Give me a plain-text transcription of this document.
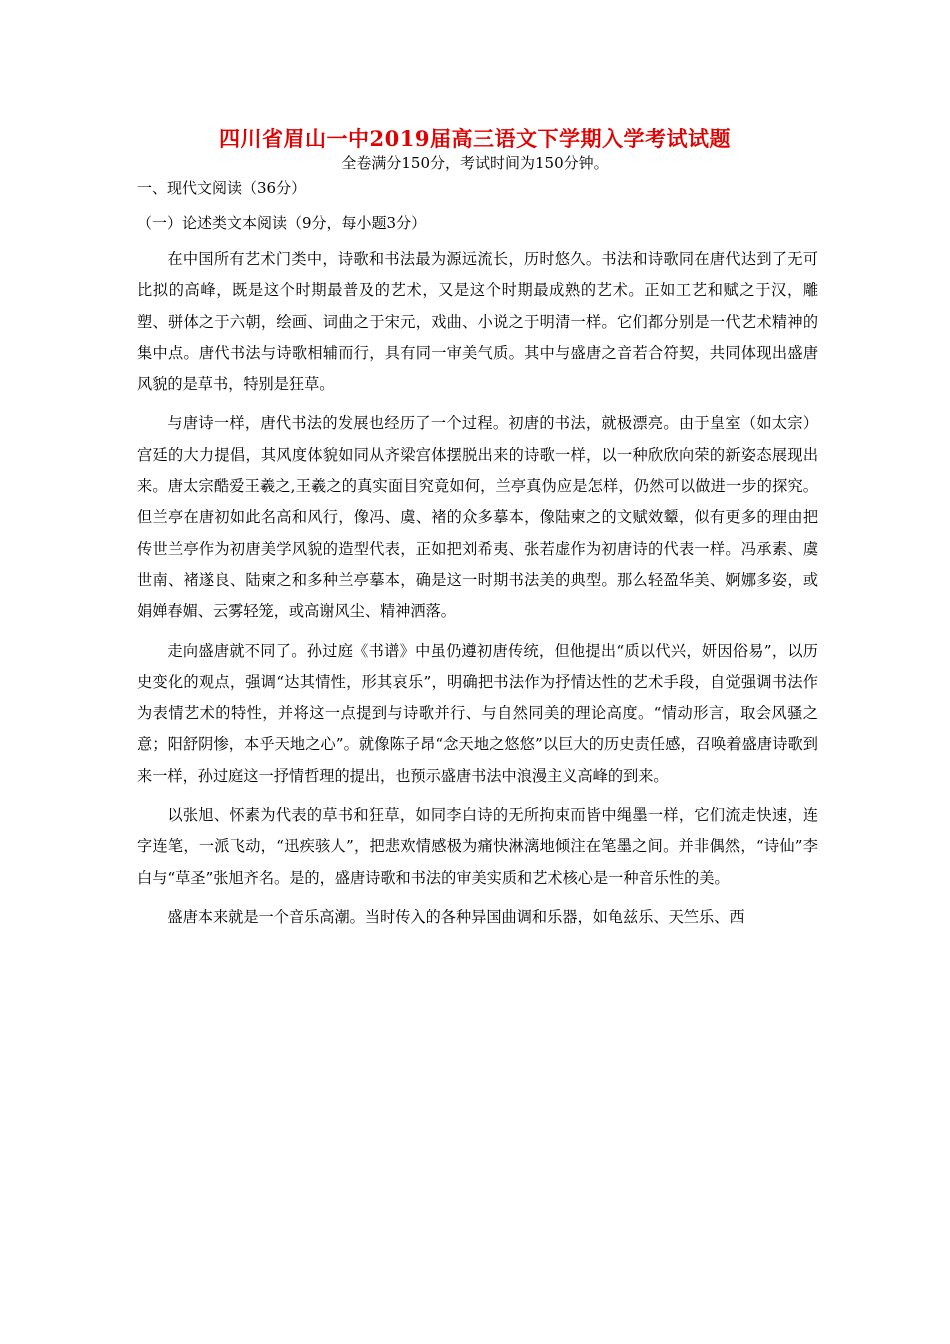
四川省眉山一中2019届高三语文下学期入学考试试题
全卷满分150分，考试时间为150分钟。
一、现代文阅读（36分）
（一）论述类文本阅读（9分，每小题3分）

在中国所有艺术门类中，诗歌和书法最为源远流长，历时悠久。书法和诗歌同在唐代达到了无可比拟的高峰，既是这个时期最普及的艺术，又是这个时期最成熟的艺术。正如工艺和赋之于汉，雕塑、骈体之于六朝，绘画、词曲之于宋元，戏曲、小说之于明清一样。它们都分别是一代艺术精神的集中点。唐代书法与诗歌相辅而行，具有同一审美气质。其中与盛唐之音若合符契，共同体现出盛唐风貌的是草书，特别是狂草。

与唐诗一样，唐代书法的发展也经历了一个过程。初唐的书法，就极漂亮。由于皇室（如太宗）宫廷的大力提倡，其风度体貌如同从齐梁宫体摆脱出来的诗歌一样，以一种欣欣向荣的新姿态展现出来。唐太宗酷爱王羲之,王羲之的真实面目究竟如何，兰亭真伪应是怎样，仍然可以做进一步的探究。但兰亭在唐初如此名高和风行，像冯、虞、褚的众多摹本，像陆柬之的文赋效颦，似有更多的理由把传世兰亭作为初唐美学风貌的造型代表，正如把刘希夷、张若虚作为初唐诗的代表一样。冯承素、虞世南、褚遂良、陆柬之和多种兰亭摹本，确是这一时期书法美的典型。那么轻盈华美、婀娜多姿，或娟婵春媚、云雾轻笼，或高谢风尘、精神洒落。

走向盛唐就不同了。孙过庭《书谱》中虽仍遵初唐传统，但他提出“质以代兴，妍因俗易”，以历史变化的观点，强调“达其情性，形其哀乐”，明确把书法作为抒情达性的艺术手段，自觉强调书法作为表情艺术的特性，并将这一点提到与诗歌并行、与自然同美的理论高度。“情动形言，取会风骚之意；阳舒阴惨，本乎天地之心”。就像陈子昂“念天地之悠悠”以巨大的历史责任感，召唤着盛唐诗歌到来一样，孙过庭这一抒情哲理的提出，也预示盛唐书法中浪漫主义高峰的到来。

以张旭、怀素为代表的草书和狂草，如同李白诗的无所拘束而皆中绳墨一样，它们流走快速，连字连笔，一派飞动，“迅疾骇人”，把悲欢情感极为痛快淋漓地倾注在笔墨之间。并非偶然，“诗仙”李白与“草圣”张旭齐名。是的，盛唐诗歌和书法的审美实质和艺术核心是一种音乐性的美。

盛唐本来就是一个音乐高潮。当时传入的各种异国曲调和乐器，如龟兹乐、天竺乐、西
